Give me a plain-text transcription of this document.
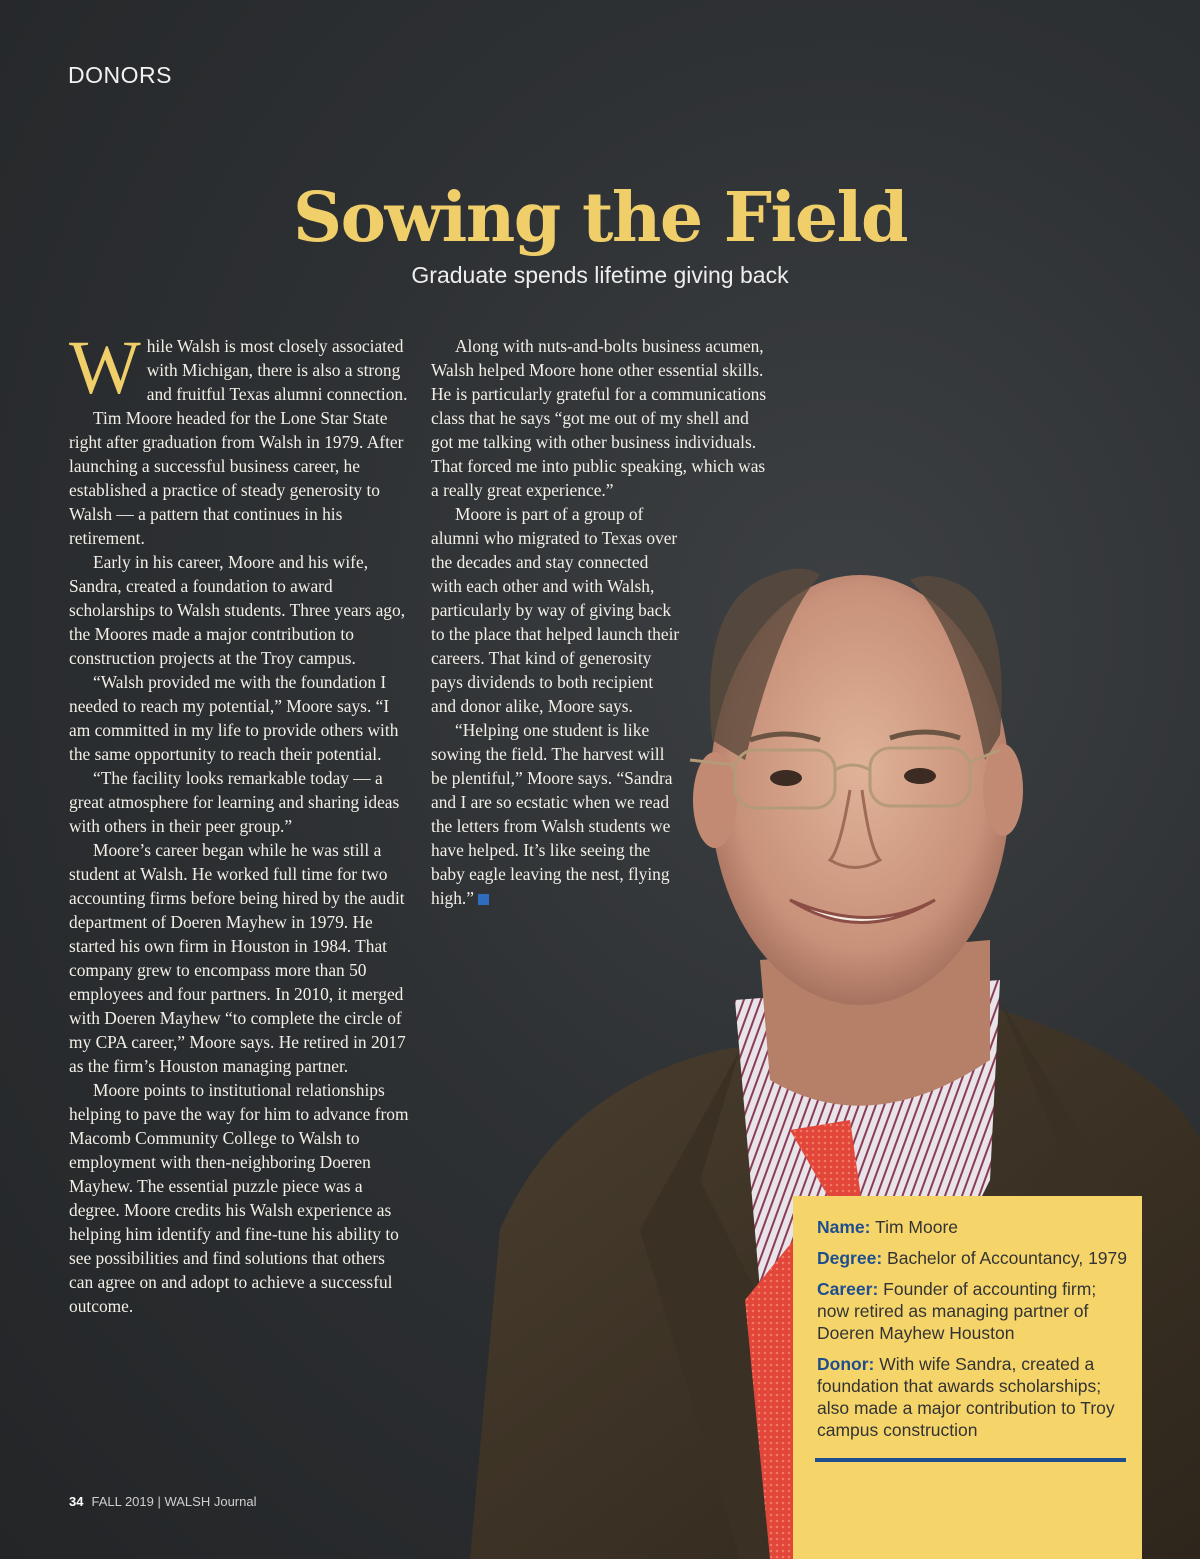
DONORS
Sowing the Field
Graduate spends lifetime giving back

While Walsh is most closely associated with Michigan, there is also a strong and fruitful Texas alumni connection.

Tim Moore headed for the Lone Star State right after graduation from Walsh in 1979. After launching a successful business career, he established a practice of steady generosity to Walsh — a pattern that continues in his retirement.

Early in his career, Moore and his wife, Sandra, created a foundation to award scholarships to Walsh students. Three years ago, the Moores made a major contribution to construction projects at the Troy campus.

“Walsh provided me with the foundation I needed to reach my potential,” Moore says. “I am committed in my life to provide others with the same opportunity to reach their potential.

“The facility looks remarkable today — a great atmosphere for learning and sharing ideas with others in their peer group.”

Moore’s career began while he was still a student at Walsh. He worked full time for two accounting firms before being hired by the audit department of Doeren Mayhew in 1979. He started his own firm in Houston in 1984. That company grew to encompass more than 50 employees and four partners. In 2010, it merged with Doeren Mayhew “to complete the circle of my CPA career,” Moore says. He retired in 2017 as the firm’s Houston managing partner.

Moore points to institutional relationships helping to pave the way for him to advance from Macomb Community College to Walsh to employment with then-neighboring Doeren Mayhew. The essential puzzle piece was a degree. Moore credits his Walsh experience as helping him identify and fine-tune his ability to see possibilities and find solutions that others can agree on and adopt to achieve a successful outcome.

Along with nuts-and-bolts business acumen, Walsh helped Moore hone other essential skills. He is particularly grateful for a communications class that he says “got me out of my shell and got me talking with other business individuals. That forced me into public speaking, which was a really great experience.”

Moore is part of a group of alumni who migrated to Texas over the decades and stay connected with each other and with Walsh, particularly by way of giving back to the place that helped launch their careers. That kind of generosity pays dividends to both recipient and donor alike, Moore says.

“Helping one student is like sowing the field. The harvest will be plentiful,” Moore says. “Sandra and I are so ecstatic when we read the letters from Walsh students we have helped. It’s like seeing the baby eagle leaving the nest, flying high.”

Name: Tim Moore
Degree: Bachelor of Accountancy, 1979
Career: Founder of accounting firm; now retired as managing partner of Doeren Mayhew Houston
Donor: With wife Sandra, created a foundation that awards scholarships; also made a major contribution to Troy campus construction
34 FALL 2019 | WALSH Journal
